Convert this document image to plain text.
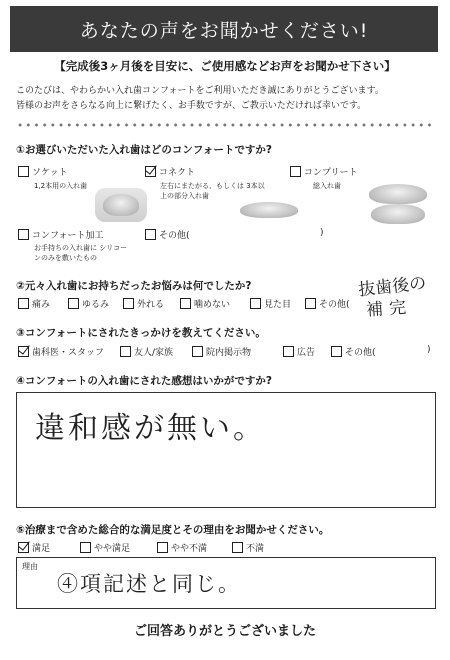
あなたの声をお聞かせください!
【完成後3ヶ月後を目安に、ご使用感などお声をお聞かせ下さい】
このたびは、やわらかい入れ歯コンフォートをご利用いただき誠にありがとうございます。
皆様のお声をさらなる向上に繋げたく、お手数ですが、ご教示いただければ幸いです。
①お選びいただいた入れ歯はどのコンフォートですか?
ソケット
1,2本用の入れ歯
コネクト
左右にまたがる、もしくは 3本以上の部分入れ歯
コンプリート
総入れ歯
コンフォート加工
お手持ちの入れ歯に シリコーンのみを敷いたもの
その他(	)
②元々入れ歯にお持ちだったお悩みは何でしたか?
痛み	ゆるみ	外れる	噛めない	見た目	その他(
抜歯後の
補完
③コンフォートにされたきっかけを教えてください。
歯科医・スタッフ	友人/家族	院内掲示物	広告	その他(	)
④コンフォートの入れ歯にされた感想はいかがですか?
違和感が無い。
⑤治療まで含めた総合的な満足度とその理由をお聞かせください。
満足	やや満足	やや不満	不満
理由
④項記述と同じ。
ご回答ありがとうございました
